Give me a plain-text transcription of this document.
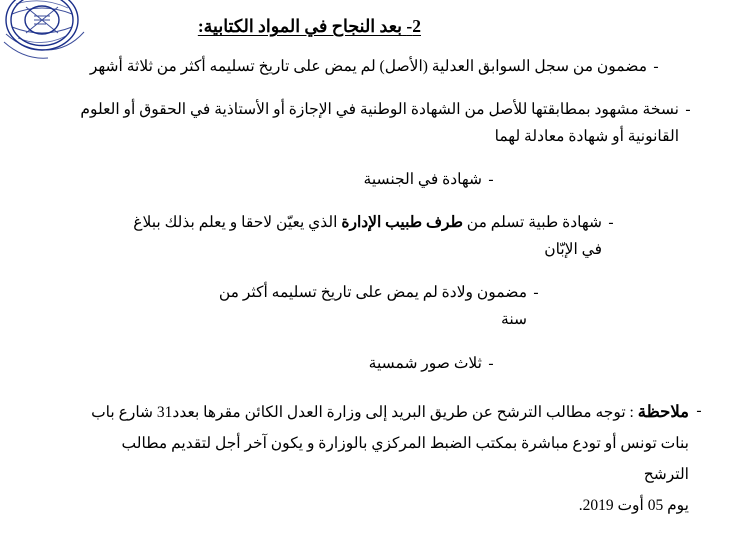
2- بعد النجاح في المواد الكتابية:
-
مضمون من سجل السوابق العدلية (الأصل) لم يمض على تاريخ تسليمه أكثر من ثلاثة أشهر
-
نسخة مشهود بمطابقتها للأصل من الشهادة الوطنية في الإجازة أو الأستاذية في الحقوق أو العلوم
القانونية أو شهادة معادلة لهما
-
شهادة في الجنسية
-
شهادة طبية تسلم من طرف طبيب الإدارة الذي يعيّن لاحقا و يعلم بذلك ببلاغ في الإبّان
-
مضمون ولادة لم يمض على تاريخ تسليمه أكثر من سنة
-
ثلاث صور شمسية
-
ملاحظة : توجه مطالب الترشح عن طريق البريد إلى وزارة العدل الكائن مقرها بعدد31 شارع باب
بنات تونس أو تودع مباشرة بمكتب الضبط المركزي بالوزارة و يكون آخر أجل لتقديم مطالب الترشح
يوم 05 أوت 2019.
